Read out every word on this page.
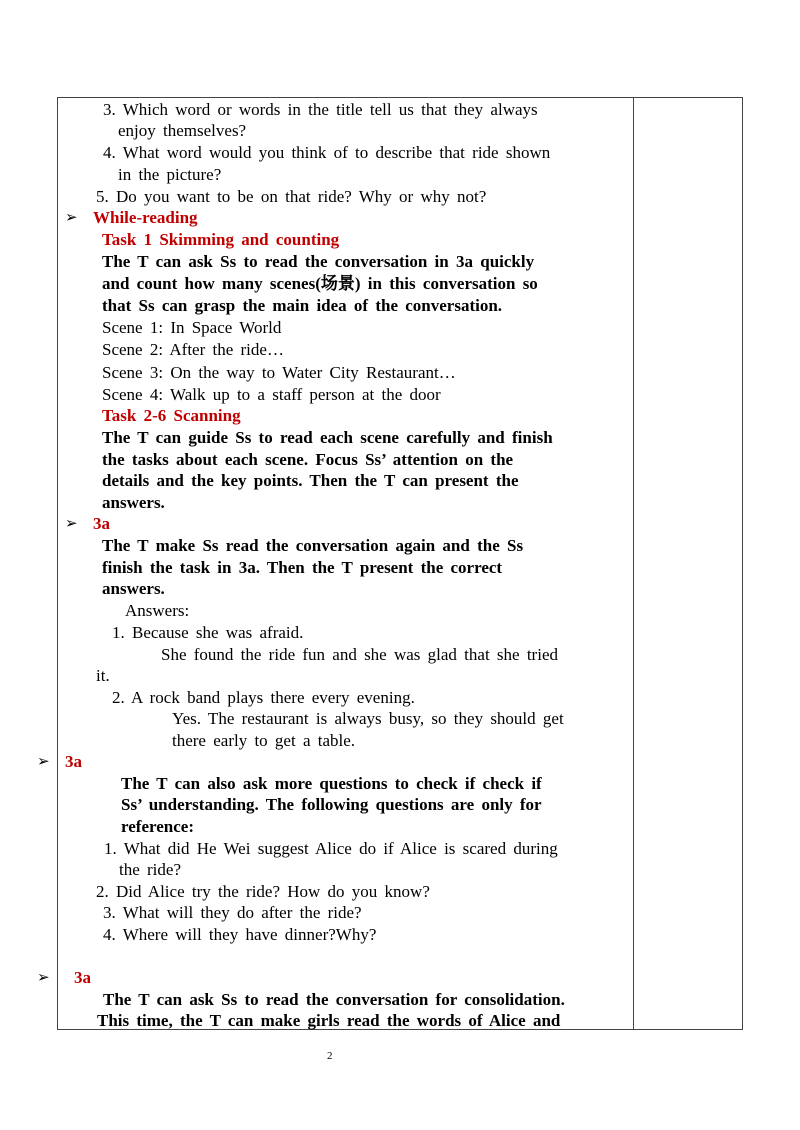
3. Which word or words in the title tell us that they always
enjoy themselves?
4. What word would you think of to describe that ride shown
in the picture?
5. Do you want to be on that ride? Why or why not?
➢ While-reading
Task 1 Skimming and counting
The T can ask Ss to read the conversation in 3a quickly
and count how many scenes(场景) in this conversation so
that Ss can grasp the main idea of the conversation.
Scene 1: In Space World
Scene 2: After the ride…
Scene 3: On the way to Water City Restaurant…
Scene 4: Walk up to a staff person at the door
Task 2-6 Scanning
The T can guide Ss to read each scene carefully and finish
the tasks about each scene. Focus Ss’ attention on the
details and the key points. Then the T can present the
answers.
➢ 3a
The T make Ss read the conversation again and the Ss
finish the task in 3a. Then the T present the correct
answers.
Answers:
1. Because she was afraid.
She found the ride fun and she was glad that she tried
it.
2. A rock band plays there every evening.
Yes. The restaurant is always busy, so they should get
there early to get a table.
➢ 3a
The T can also ask more questions to check if check if
Ss’ understanding. The following questions are only for
reference:
1. What did He Wei suggest Alice do if Alice is scared during
the ride?
2. Did Alice try the ride? How do you know?
3. What will they do after the ride?
4. Where will they have dinner?Why?
➢ 3a
The T can ask Ss to read the conversation for consolidation.
This time, the T can make girls read the words of Alice and
2
